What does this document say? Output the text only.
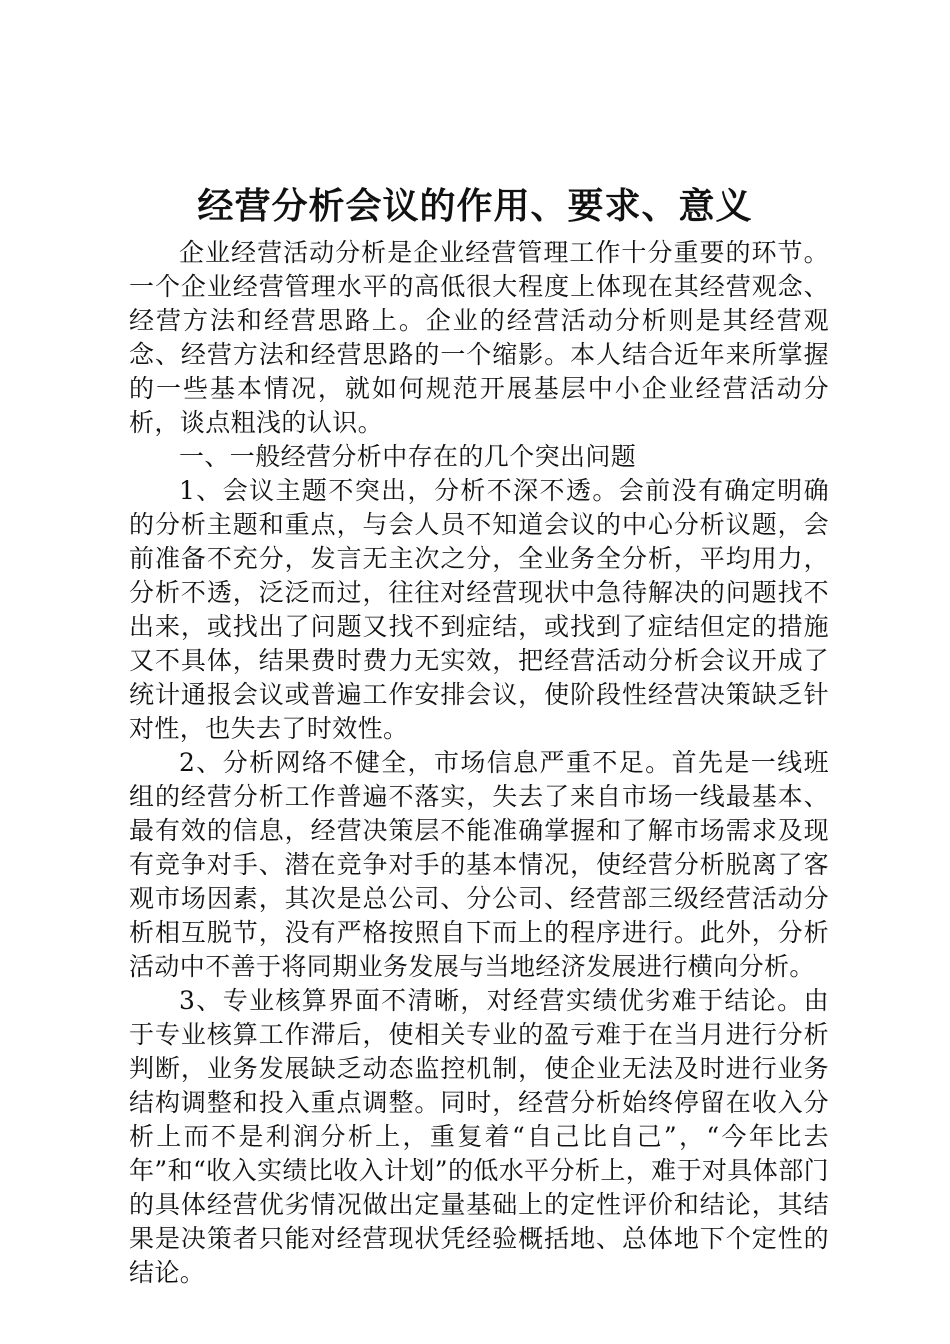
经营分析会议的作用、要求、意义

企业经营活动分析是企业经营管理工作十分重要的环节。一个企业经营管理水平的高低很大程度上体现在其经营观念、经营方法和经营思路上。企业的经营活动分析则是其经营观念、经营方法和经营思路的一个缩影。本人结合近年来所掌握的一些基本情况，就如何规范开展基层中小企业经营活动分析，谈点粗浅的认识。

一、一般经营分析中存在的几个突出问题

1、会议主题不突出，分析不深不透。会前没有确定明确的分析主题和重点，与会人员不知道会议的中心分析议题，会前准备不充分，发言无主次之分，全业务全分析，平均用力，分析不透，泛泛而过，往往对经营现状中急待解决的问题找不出来，或找出了问题又找不到症结，或找到了症结但定的措施又不具体，结果费时费力无实效，把经营活动分析会议开成了统计通报会议或普遍工作安排会议，使阶段性经营决策缺乏针对性，也失去了时效性。

2、分析网络不健全，市场信息严重不足。首先是一线班组的经营分析工作普遍不落实，失去了来自市场一线最基本、最有效的信息，经营决策层不能准确掌握和了解市场需求及现有竞争对手、潜在竞争对手的基本情况，使经营分析脱离了客观市场因素，其次是总公司、分公司、经营部三级经营活动分析相互脱节，没有严格按照自下而上的程序进行。此外，分析活动中不善于将同期业务发展与当地经济发展进行横向分析。

3、专业核算界面不清晰，对经营实绩优劣难于结论。由于专业核算工作滞后，使相关专业的盈亏难于在当月进行分析判断，业务发展缺乏动态监控机制，使企业无法及时进行业务结构调整和投入重点调整。同时，经营分析始终停留在收入分析上而不是利润分析上，重复着“自己比自己”，“今年比去年”和“收入实绩比收入计划”的低水平分析上，难于对具体部门的具体经营优劣情况做出定量基础上的定性评价和结论，其结果是决策者只能对经营现状凭经验概括地、总体地下个定性的结论。
